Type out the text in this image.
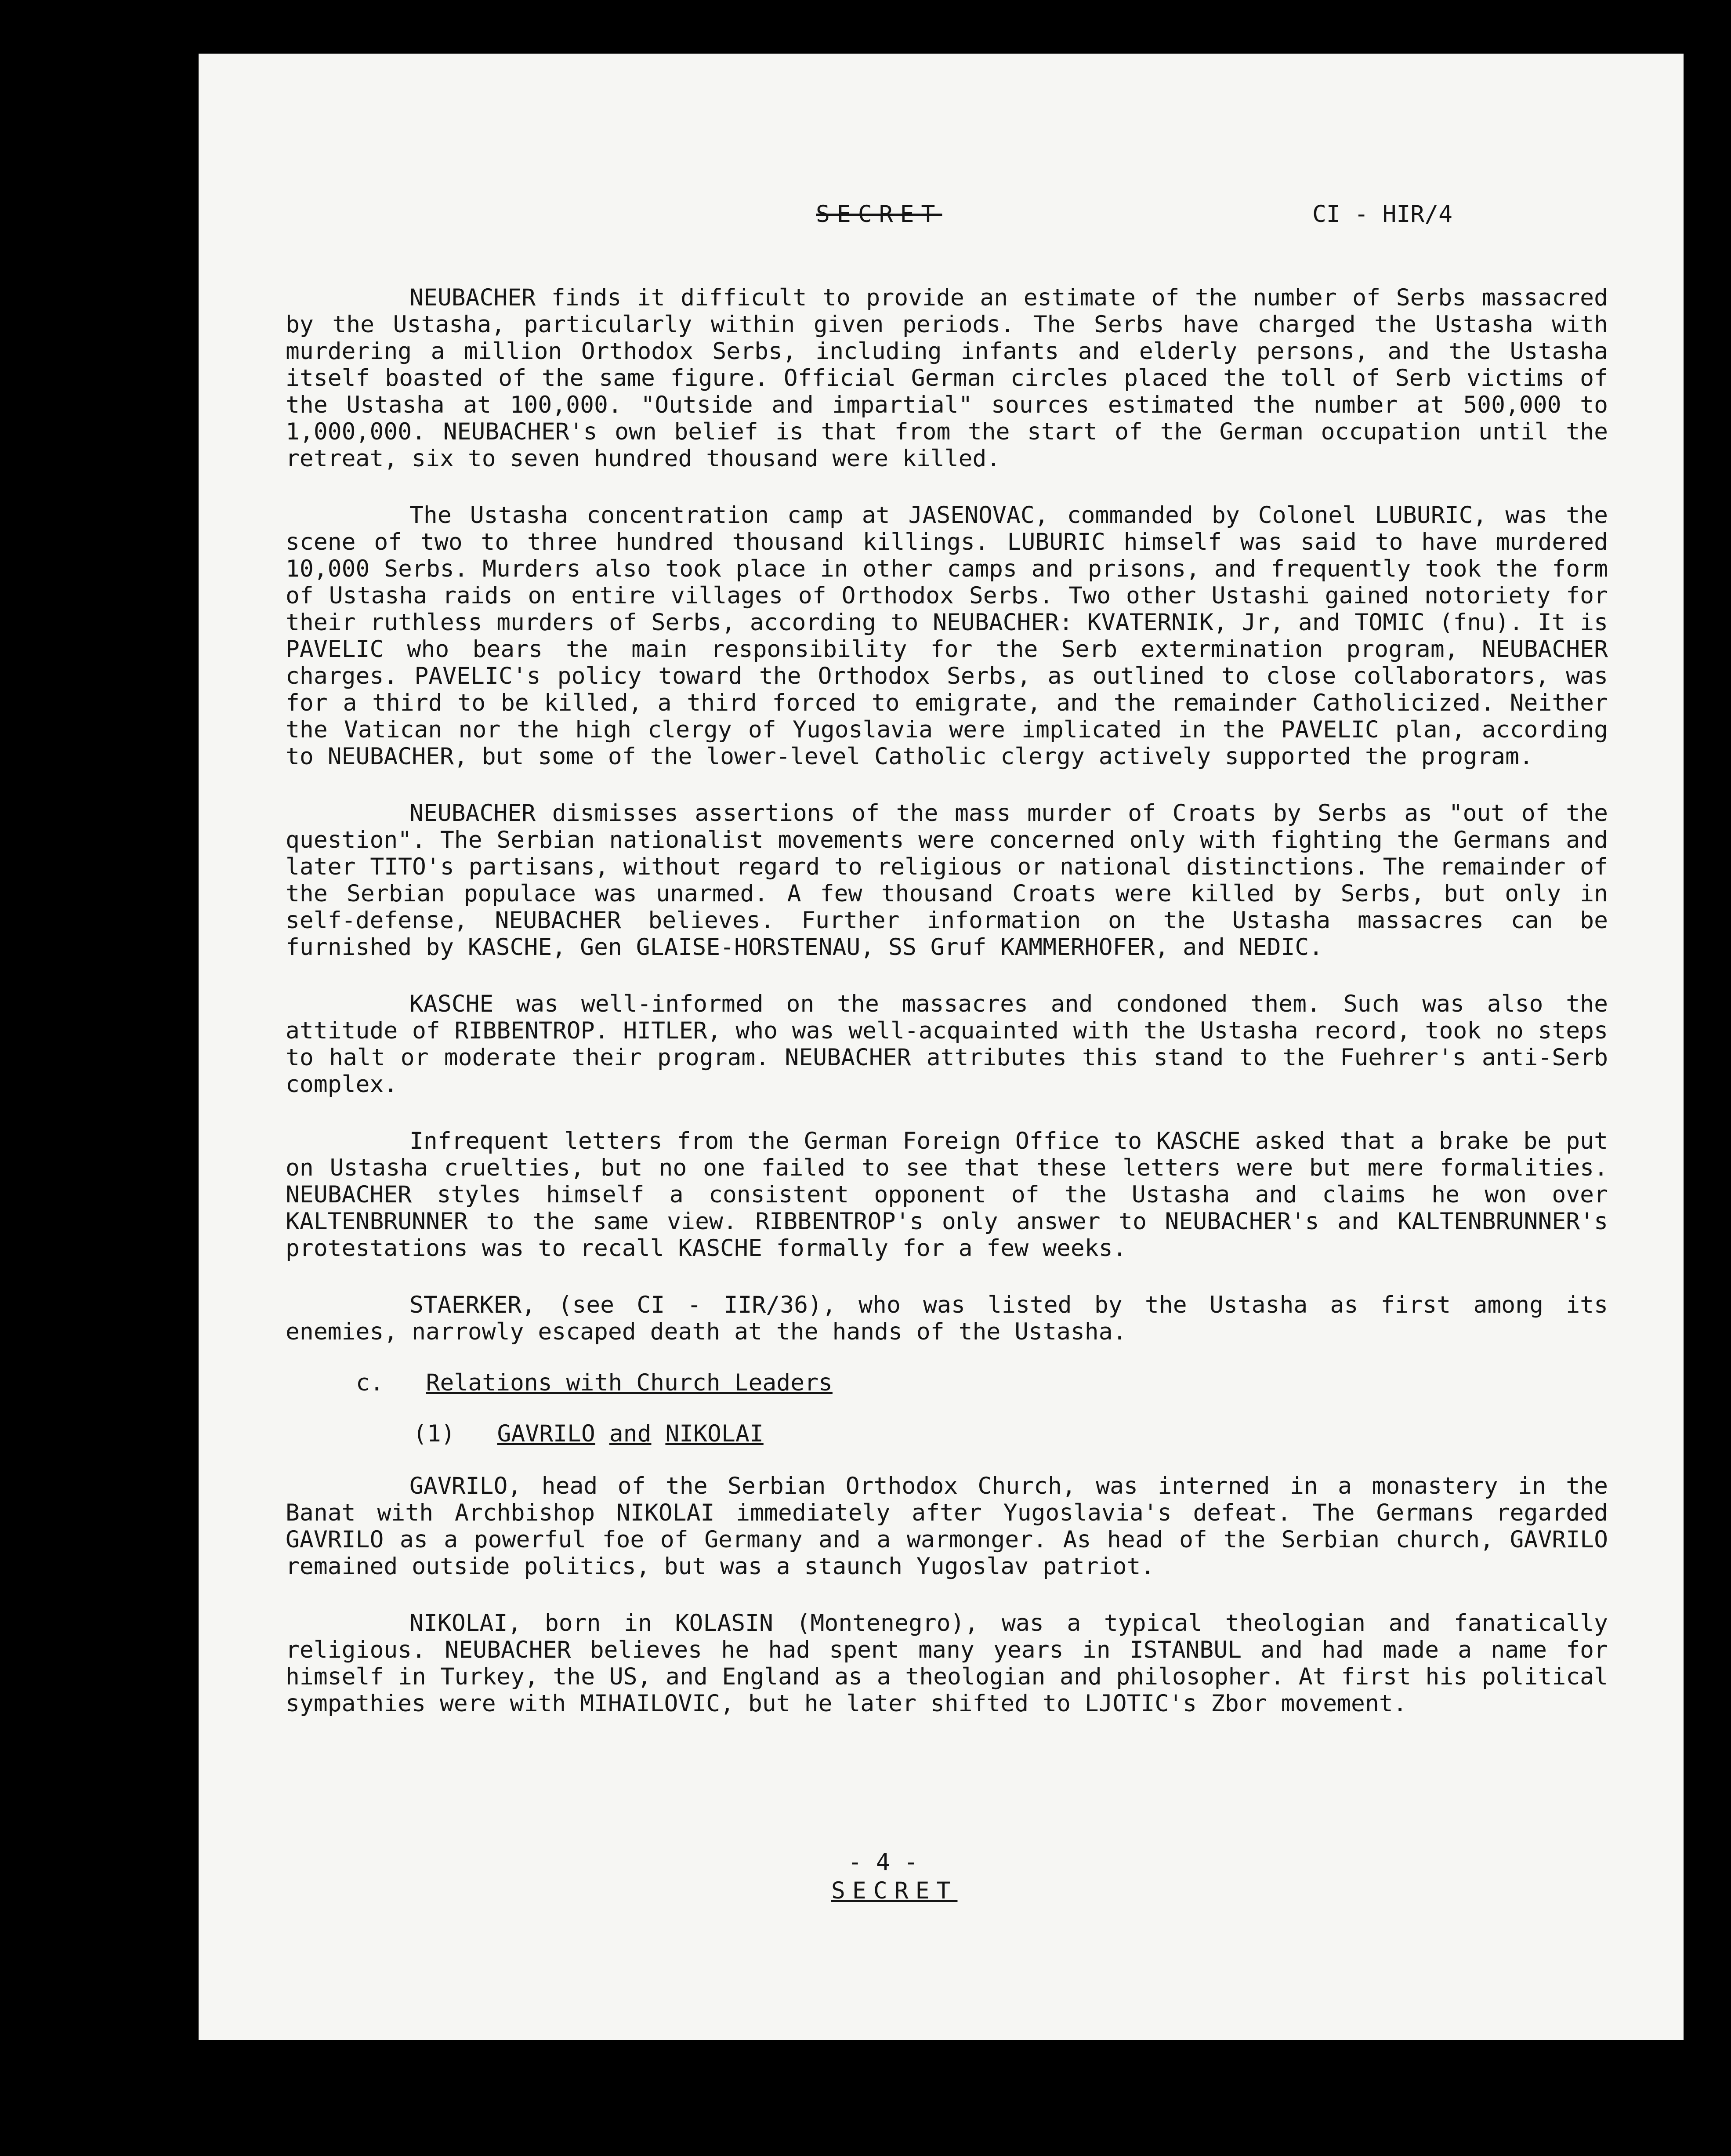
SECRET	CI - HIR/4

NEUBACHER finds it difficult to provide an estimate of the number of Serbs massacred by the Ustasha, particularly within given periods. The Serbs have charged the Ustasha with murdering a million Orthodox Serbs, including infants and elderly persons, and the Ustasha itself boasted of the same figure. Official German circles placed the toll of Serb victims of the Ustasha at 100,000. "Outside and impartial" sources estimated the number at 500,000 to 1,000,000. NEUBACHER's own belief is that from the start of the German occupation until the retreat, six to seven hundred thousand were killed.

The Ustasha concentration camp at JASENOVAC, commanded by Colonel LUBURIC, was the scene of two to three hundred thousand killings. LUBURIC himself was said to have murdered 10,000 Serbs. Murders also took place in other camps and prisons, and frequently took the form of Ustasha raids on entire villages of Orthodox Serbs. Two other Ustashi gained notoriety for their ruthless murders of Serbs, according to NEUBACHER: KVATERNIK, Jr, and TOMIC (fnu). It is PAVELIC who bears the main responsibility for the Serb extermination program, NEUBACHER charges. PAVELIC's policy toward the Orthodox Serbs, as outlined to close collaborators, was for a third to be killed, a third forced to emigrate, and the remainder Catholicized. Neither the Vatican nor the high clergy of Yugoslavia were implicated in the PAVELIC plan, according to NEUBACHER, but some of the lower-level Catholic clergy actively supported the program.

NEUBACHER dismisses assertions of the mass murder of Croats by Serbs as "out of the question". The Serbian nationalist movements were concerned only with fighting the Germans and later TITO's partisans, without regard to religious or national distinctions. The remainder of the Serbian populace was unarmed. A few thousand Croats were killed by Serbs, but only in self-defense, NEUBACHER believes. Further information on the Ustasha massacres can be furnished by KASCHE, Gen GLAISE-HORSTENAU, SS Gruf KAMMERHOFER, and NEDIC.

KASCHE was well-informed on the massacres and condoned them. Such was also the attitude of RIBBENTROP. HITLER, who was well-acquainted with the Ustasha record, took no steps to halt or moderate their program. NEUBACHER attributes this stand to the Fuehrer's anti-Serb complex.

Infrequent letters from the German Foreign Office to KASCHE asked that a brake be put on Ustasha cruelties, but no one failed to see that these letters were but mere formalities. NEUBACHER styles himself a consistent opponent of the Ustasha and claims he won over KALTENBRUNNER to the same view. RIBBENTROP's only answer to NEUBACHER's and KALTENBRUNNER's protestations was to recall KASCHE formally for a few weeks.

STAERKER, (see CI - IIR/36), who was listed by the Ustasha as first among its enemies, narrowly escaped death at the hands of the Ustasha.

c. Relations with Church Leaders
(1) GAVRILO and NIKOLAI

GAVRILO, head of the Serbian Orthodox Church, was interned in a monastery in the Banat with Archbishop NIKOLAI immediately after Yugoslavia's defeat. The Germans regarded GAVRILO as a powerful foe of Germany and a warmonger. As head of the Serbian church, GAVRILO remained outside politics, but was a staunch Yugoslav patriot.

NIKOLAI, born in KOLASIN (Montenegro), was a typical theologian and fanatically religious. NEUBACHER believes he had spent many years in ISTANBUL and had made a name for himself in Turkey, the US, and England as a theologian and philosopher. At first his political sympathies were with MIHAILOVIC, but he later shifted to LJOTIC's Zbor movement.

- 4 -
SECRET
